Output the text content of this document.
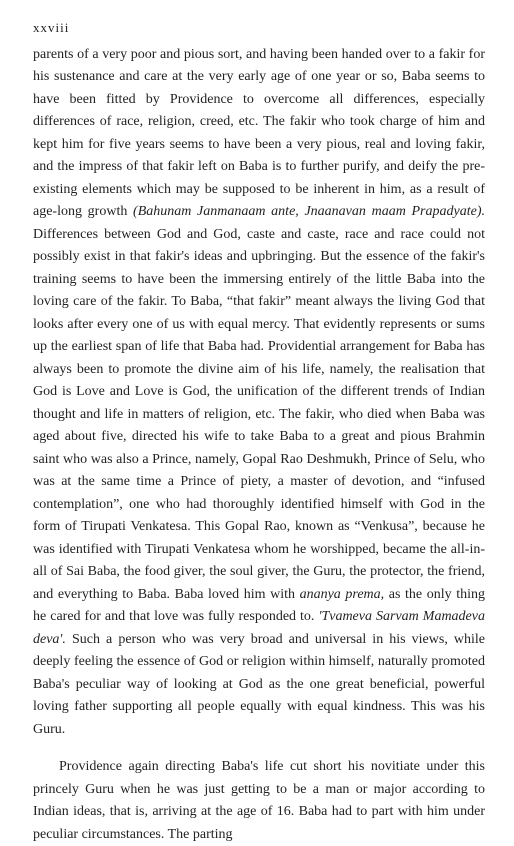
xxviii

parents of a very poor and pious sort, and having been handed over to a fakir for his sustenance and care at the very early age of one year or so, Baba seems to have been fitted by Providence to overcome all differences, especially differences of race, religion, creed, etc. The fakir who took charge of him and kept him for five years seems to have been a very pious, real and loving fakir, and the impress of that fakir left on Baba is to further purify, and deify the pre-existing elements which may be supposed to be inherent in him, as a result of age-long growth (Bahunam Janmanaam ante, Jnaanavan maam Prapadyate). Differences between God and God, caste and caste, race and race could not possibly exist in that fakir's ideas and upbringing. But the essence of the fakir's training seems to have been the immersing entirely of the little Baba into the loving care of the fakir. To Baba, “that fakir” meant always the living God that looks after every one of us with equal mercy. That evidently represents or sums up the earliest span of life that Baba had. Providential arrangement for Baba has always been to promote the divine aim of his life, namely, the realisation that God is Love and Love is God, the unification of the different trends of Indian thought and life in matters of religion, etc. The fakir, who died when Baba was aged about five, directed his wife to take Baba to a great and pious Brahmin saint who was also a Prince, namely, Gopal Rao Deshmukh, Prince of Selu, who was at the same time a Prince of piety, a master of devotion, and “infused contemplation”, one who had thoroughly identified himself with God in the form of Tirupati Venkatesa. This Gopal Rao, known as “Venkusa”, because he was identified with Tirupati Venkatesa whom he worshipped, became the all-in-all of Sai Baba, the food giver, the soul giver, the Guru, the protector, the friend, and everything to Baba. Baba loved him with ananya prema, as the only thing he cared for and that love was fully responded to. 'Tvameva Sarvam Mamadeva deva'. Such a person who was very broad and universal in his views, while deeply feeling the essence of God or religion within himself, naturally promoted Baba's peculiar way of looking at God as the one great beneficial, powerful loving father supporting all people equally with equal kindness. This was his Guru.

Providence again directing Baba's life cut short his novitiate under this princely Guru when he was just getting to be a man or major according to Indian ideas, that is, arriving at the age of 16. Baba had to part with him under peculiar circumstances. The parting
